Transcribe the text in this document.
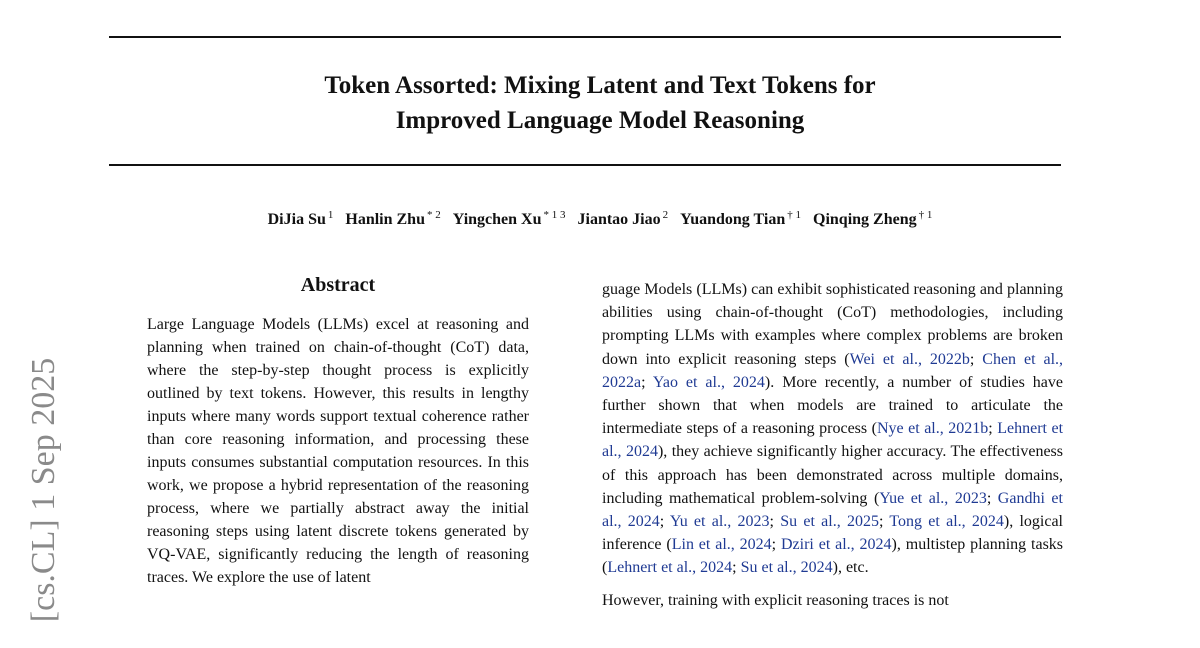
Token Assorted: Mixing Latent and Text Tokens for
Improved Language Model Reasoning
DiJia Su $^1$ Hanlin Zhu $^{* 2}$ Yingchen Xu $^{* 1 3}$ Jiantao Jiao $^2$ Yuandong Tian $^{\dagger 1}$ Qinqing Zheng $^{\dagger 1}$
[cs.CL] 1 Sep 2025
Abstract
Large Language Models (LLMs) excel at reasoning and planning when trained on chain-of-thought (CoT) data, where the step-by-step thought process is explicitly outlined by text tokens. However, this results in lengthy inputs where many words support textual coherence rather than core reasoning information, and processing these inputs consumes substantial computation resources. In this work, we propose a hybrid representation of the reasoning process, where we partially abstract away the initial reasoning steps using latent discrete tokens generated by VQ-VAE, significantly reducing the length of reasoning traces. We explore the use of latent

guage Models (LLMs) can exhibit sophisticated reasoning and planning abilities using chain-of-thought (CoT) methodologies, including prompting LLMs with examples where complex problems are broken down into explicit reasoning steps (Wei et al., 2022b; Chen et al., 2022a; Yao et al., 2024). More recently, a number of studies have further shown that when models are trained to articulate the intermediate steps of a reasoning process (Nye et al., 2021b; Lehnert et al., 2024), they achieve significantly higher accuracy. The effectiveness of this approach has been demonstrated across multiple domains, including mathematical problem-solving (Yue et al., 2023; Gandhi et al., 2024; Yu et al., 2023; Su et al., 2025; Tong et al., 2024), logical inference (Lin et al., 2024; Dziri et al., 2024), multistep planning tasks (Lehnert et al., 2024; Su et al., 2024), etc.

However, training with explicit reasoning traces is not
